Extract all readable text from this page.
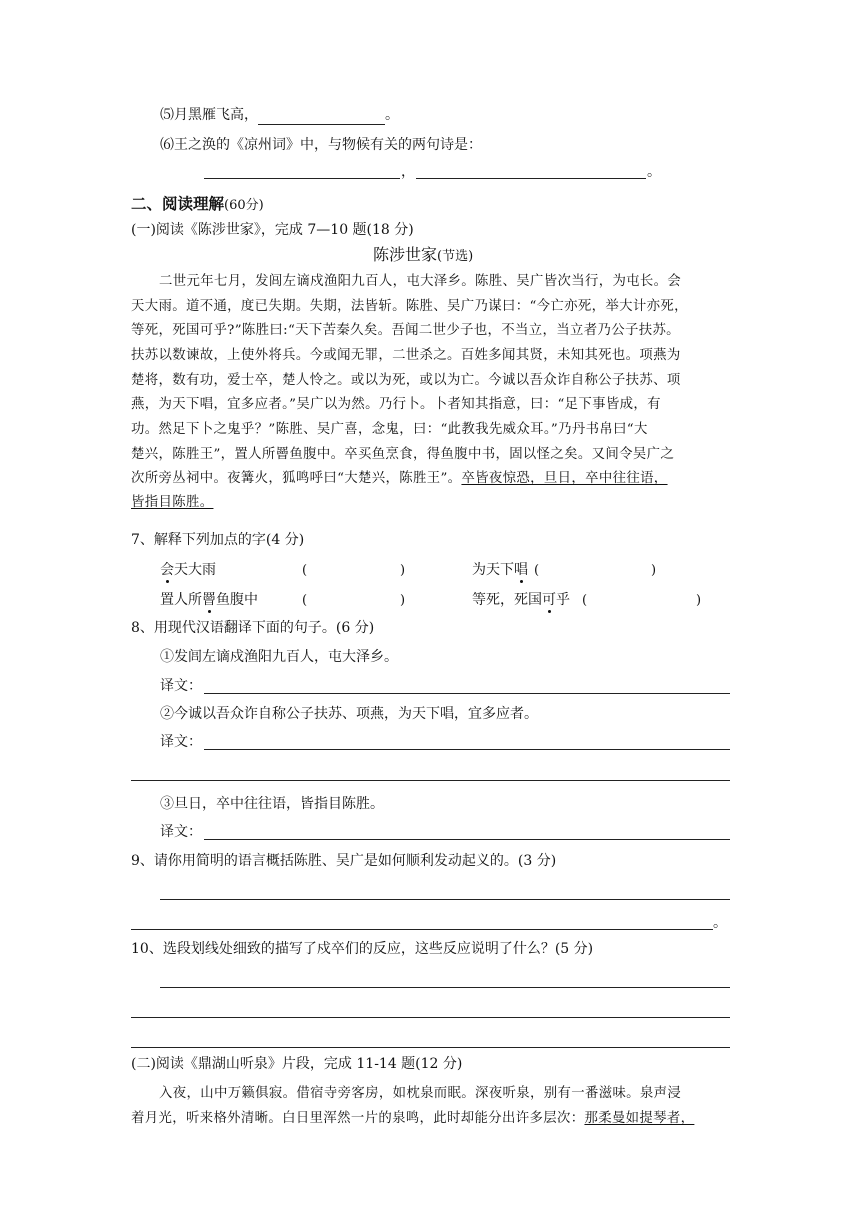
⑸月黑雁飞高，	。
⑹王之涣的《凉州词》中，与物候有关的两句诗是：
，	。
二、阅读理解(60分)
(一)阅读《陈涉世家》，完成 7—10 题(18 分)
陈涉世家(节选)
二世元年七月，发闾左谪戍渔阳九百人，屯大泽乡。陈胜、吴广皆次当行，为屯长。会
天大雨。道不通，度已失期。失期，法皆斩。陈胜、吴广乃谋曰：“今亡亦死，举大计亦死，
等死，死国可乎?”陈胜曰:“天下苦秦久矣。吾闻二世少子也，不当立，当立者乃公子扶苏。
扶苏以数谏故，上使外将兵。今或闻无罪，二世杀之。百姓多闻其贤，未知其死也。项燕为
楚将，数有功，爱士卒，楚人怜之。或以为死，或以为亡。今诚以吾众诈自称公子扶苏、项
燕，为天下唱，宜多应者。”吴广以为然。乃行卜。卜者知其指意，曰：“足下事皆成，有
功。然足下卜之鬼乎？”陈胜、吴广喜，念鬼，曰：“此教我先威众耳。”乃丹书帛曰“大
楚兴，陈胜王”，置人所罾鱼腹中。卒买鱼烹食，得鱼腹中书，固以怪之矣。又间令吴广之
次所旁丛祠中。夜篝火，狐鸣呼曰“大楚兴，陈胜王”。卒皆夜惊恐，旦日，卒中往往语，
皆指目陈胜。
7、解释下列加点的字(4 分)
会天大雨	(	)	为天下唱 (	)
置人所罾鱼腹中	(	)	等死，死国可乎 (	)
8、用现代汉语翻译下面的句子。(6 分)
①发闾左谪戍渔阳九百人，屯大泽乡。
译文：
②今诚以吾众诈自称公子扶苏、项燕，为天下唱，宜多应者。
译文：
③旦日，卒中往往语，皆指目陈胜。
译文：
9、请你用简明的语言概括陈胜、吴广是如何顺利发动起义的。(3 分)
。
10、选段划线处细致的描写了戍卒们的反应，这些反应说明了什么？(5 分)
(二)阅读《鼎湖山听泉》片段，完成 11-14 题(12 分)
入夜，山中万籁俱寂。借宿寺旁客房，如枕泉而眠。深夜听泉，别有一番滋味。泉声浸
着月光，听来格外清晰。白日里浑然一片的泉鸣，此时却能分出许多层次：那柔曼如提琴者，
